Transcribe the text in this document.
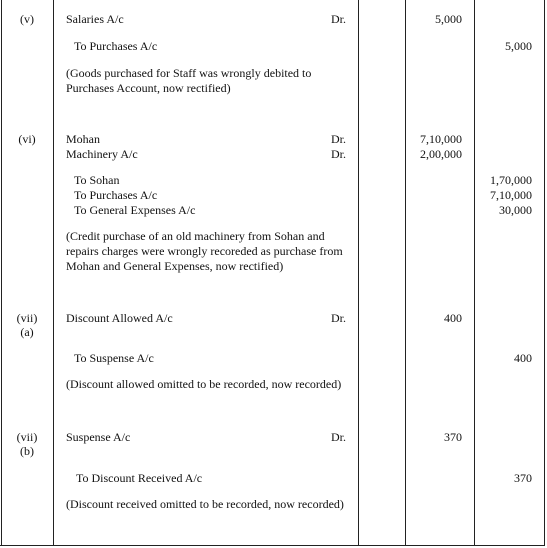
(v)	Salaries A/c	Dr.	5,000
To Purchases A/c	5,000
(Goods purchased for Staff was wrongly debited to
Purchases Account, now rectified)
(vi)	Mohan	Dr.	7,10,000
Machinery A/c	Dr.	2,00,000
To Sohan	1,70,000
To Purchases A/c	7,10,000
To General Expenses A/c	30,000
(Credit purchase of an old machinery from Sohan and
repairs charges were wrongly recoreded as purchase from
Mohan and General Expenses, now rectified)
(vii)
(a)
Discount Allowed A/c	Dr.	400
To Suspense A/c	400
(Discount allowed omitted to be recorded, now recorded)
(vii)
(b)
Suspense A/c	Dr.	370
To Discount Received A/c	370
(Discount received omitted to be recorded, now recorded)
